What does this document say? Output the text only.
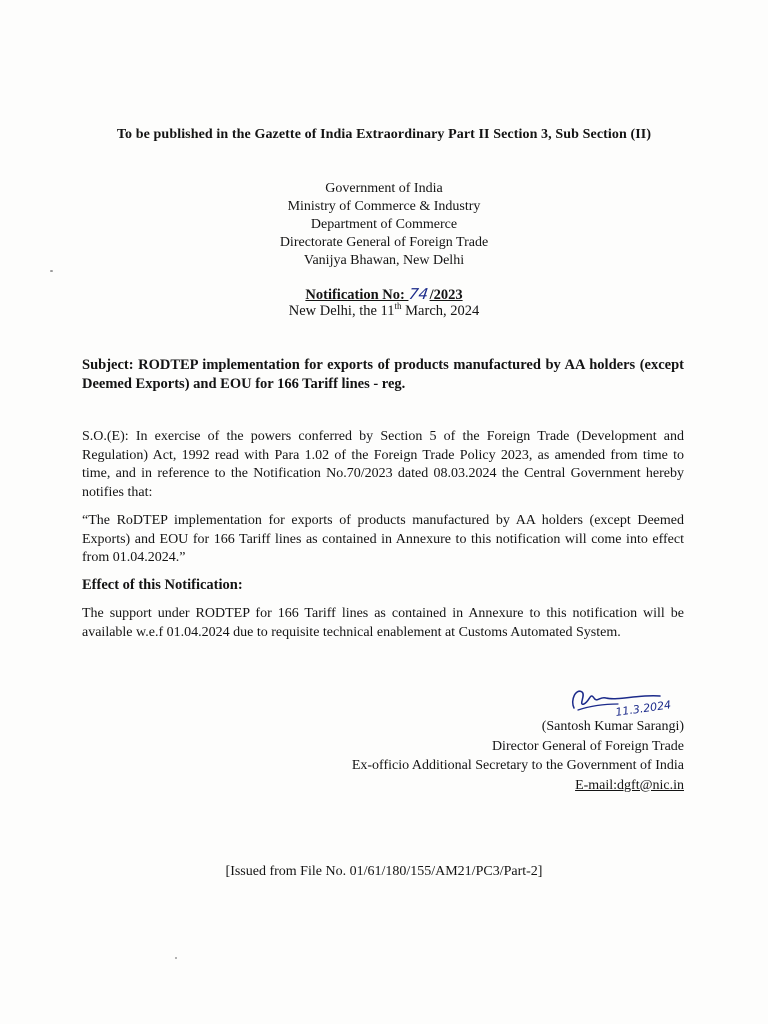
To be published in the Gazette of India Extraordinary Part II Section 3, Sub Section (II)
Government of India
Ministry of Commerce & Industry
Department of Commerce
Directorate General of Foreign Trade
Vanijya Bhawan, New Delhi
Notification No: 74/2023
New Delhi, the 11th March, 2024
Subject: RODTEP implementation for exports of products manufactured by AA holders (except Deemed Exports) and EOU for 166 Tariff lines - reg.
S.O.(E): In exercise of the powers conferred by Section 5 of the Foreign Trade (Development and Regulation) Act, 1992 read with Para 1.02 of the Foreign Trade Policy 2023, as amended from time to time, and in reference to the Notification No.70/2023 dated 08.03.2024 the Central Government hereby notifies that:
“The RoDTEP implementation for exports of products manufactured by AA holders (except Deemed Exports) and EOU for 166 Tariff lines as contained in Annexure to this notification will come into effect from 01.04.2024.”
Effect of this Notification:
The support under RODTEP for 166 Tariff lines as contained in Annexure to this notification will be available w.e.f 01.04.2024 due to requisite technical enablement at Customs Automated System.
11.3.2024
(Santosh Kumar Sarangi)
Director General of Foreign Trade
Ex-officio Additional Secretary to the Government of India
E-mail:dgft@nic.in
[Issued from File No. 01/61/180/155/AM21/PC3/Part-2]
